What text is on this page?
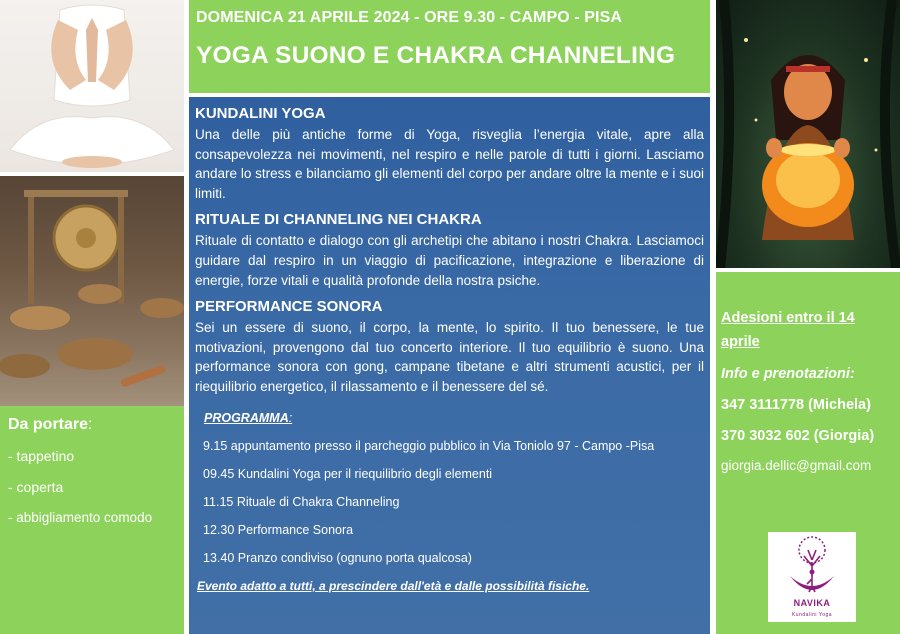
Da portare:
- tappetino
- coperta
- abbigliamento comodo
DOMENICA 21 APRILE 2024 - ORE 9.30 - CAMPO - PISA
YOGA SUONO E CHAKRA CHANNELING
KUNDALINI YOGA
Una delle più antiche forme di Yoga, risveglia l’energia vitale, apre alla consapevolezza nei movimenti, nel respiro e nelle parole di tutti i giorni. Lasciamo andare lo stress e bilanciamo gli elementi del corpo per andare oltre la mente e i suoi limiti.
RITUALE DI CHANNELING NEI CHAKRA
Rituale di contatto e dialogo con gli archetipi che abitano i nostri Chakra. Lasciamoci guidare dal respiro in un viaggio di pacificazione, integrazione e liberazione di energie, forze vitali e qualità profonde della nostra psiche.
PERFORMANCE SONORA
Sei un essere di suono, il corpo, la mente, lo spirito. Il tuo benessere, le tue motivazioni, provengono dal tuo concerto interiore. Il tuo equilibrio è suono. Una performance sonora con gong, campane tibetane e altri strumenti acustici, per il riequilibrio energetico, il rilassamento e il benessere del sé.
PROGRAMMA:
9.15 appuntamento presso il parcheggio pubblico in Via Toniolo 97 - Campo -Pisa
09.45 Kundalini Yoga per il riequilibrio degli elementi
11.15 Rituale di Chakra Channeling
12.30 Performance Sonora
13.40 Pranzo condiviso (ognuno porta qualcosa)
Evento adatto a tutti, a prescindere dall'età e dalle possibilità fisiche.
Adesioni entro il 14 aprile
Info e prenotazioni:
347 3111778 (Michela)
370 3032 602 (Giorgia)
giorgia.dellic@gmail.com
NAVIKA
Kundalini Yoga
